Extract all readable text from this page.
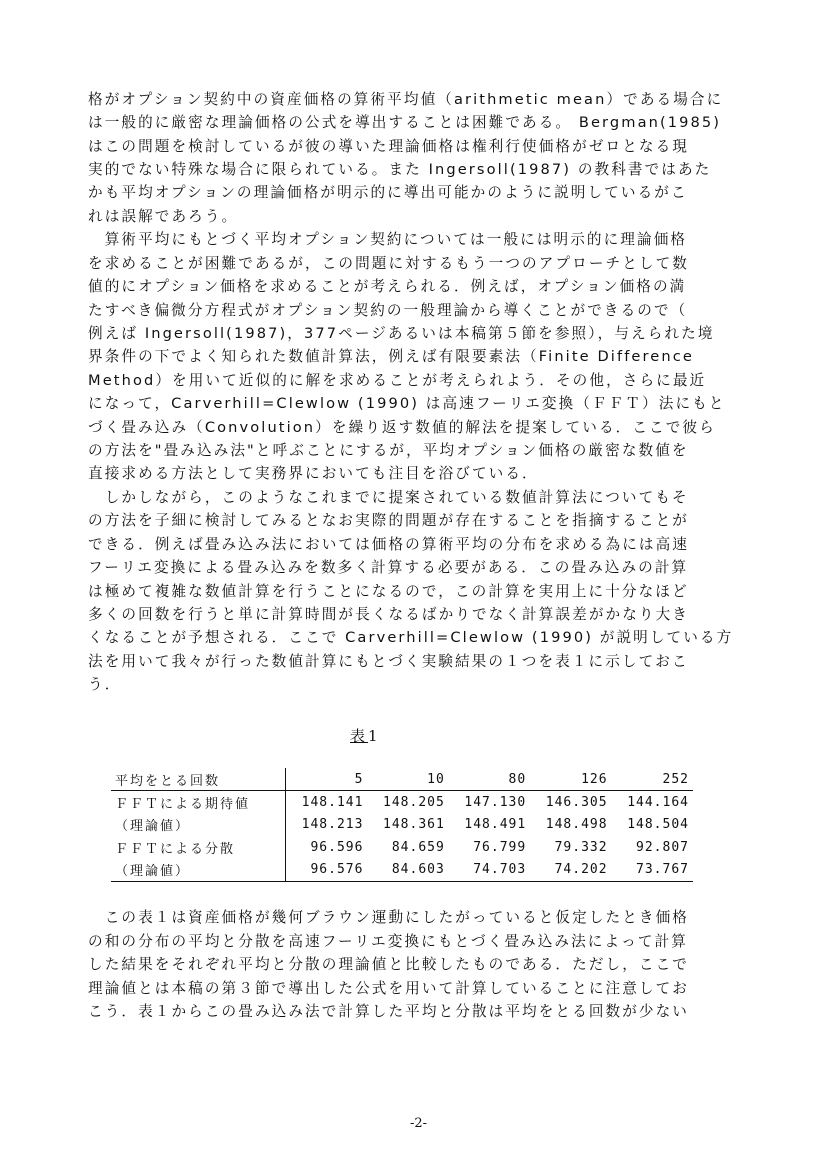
格がオプション契約中の資産価格の算術平均値（arithmetic mean）である場合に
は一般的に厳密な理論価格の公式を導出することは困難である。 Bergman(1985)
はこの問題を検討しているが彼の導いた理論価格は権利行使価格がゼロとなる現
実的でない特殊な場合に限られている。また Ingersoll(1987) の教科書ではあた
かも平均オプションの理論価格が明示的に導出可能かのように説明しているがこ
れは誤解であろう。
　算術平均にもとづく平均オプション契約については一般には明示的に理論価格
を求めることが困難であるが，この問題に対するもう一つのアプローチとして数
値的にオプション価格を求めることが考えられる．例えば，オプション価格の満
たすべき偏微分方程式がオプション契約の一般理論から導くことができるので（
例えば Ingersoll(1987)，377ページあるいは本稿第５節を参照），与えられた境
界条件の下でよく知られた数値計算法，例えば有限要素法（Finite Difference
Method）を用いて近似的に解を求めることが考えられよう．その他，さらに最近
になって，Carverhill=Clewlow (1990) は高速フーリエ変換（ＦＦＴ）法にもと
づく畳み込み（Convolution）を繰り返す数値的解法を提案している．ここで彼ら
の方法を"畳み込み法"と呼ぶことにするが，平均オプション価格の厳密な数値を
直接求める方法として実務界においても注目を浴びている．
　しかしながら，このようなこれまでに提案されている数値計算法についてもそ
の方法を子細に検討してみるとなお実際的問題が存在することを指摘することが
できる．例えば畳み込み法においては価格の算術平均の分布を求める為には高速
フーリエ変換による畳み込みを数多く計算する必要がある．この畳み込みの計算
は極めて複雑な数値計算を行うことになるので，この計算を実用上に十分なほど
多くの回数を行うと単に計算時間が長くなるばかりでなく計算誤差がかなり大き
くなることが予想される．ここで Carverhill=Clewlow (1990) が説明している方
法を用いて我々が行った数値計算にもとづく実験結果の１つを表１に示しておこ
う．
表1
平均をとる回数	5	10	80	126	252
ＦＦＴによる期待値	148.141	148.205	147.130	146.305	144.164
（理論値）	148.213	148.361	148.491	148.498	148.504
ＦＦＴによる分散	96.596	84.659	76.799	79.332	92.807
（理論値）	96.576	84.603	74.703	74.202	73.767
　この表１は資産価格が幾何ブラウン運動にしたがっていると仮定したとき価格
の和の分布の平均と分散を高速フーリエ変換にもとづく畳み込み法によって計算
した結果をそれぞれ平均と分散の理論値と比較したものである．ただし，ここで
理論値とは本稿の第３節で導出した公式を用いて計算していることに注意してお
こう．表１からこの畳み込み法で計算した平均と分散は平均をとる回数が少ない
-2-
